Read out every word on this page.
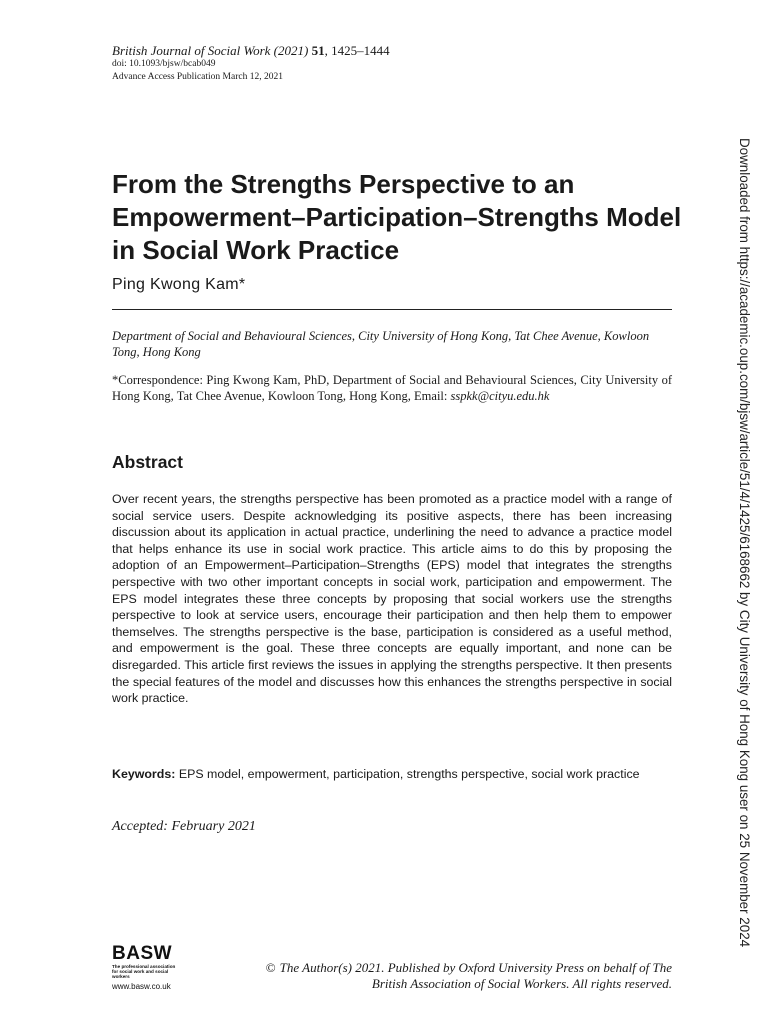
British Journal of Social Work (2021) 51, 1425–1444
doi: 10.1093/bjsw/bcab049
Advance Access Publication March 12, 2021
Downloaded from https://academic.oup.com/bjsw/article/51/4/1425/6168662 by City University of Hong Kong user on 25 November 2024
From the Strengths Perspective to an Empowerment–Participation–Strengths Model in Social Work Practice
Ping Kwong Kam*

Department of Social and Behavioural Sciences, City University of Hong Kong, Tat Chee Avenue, Kowloon Tong, Hong Kong

*Correspondence: Ping Kwong Kam, PhD, Department of Social and Behavioural Sciences, City University of Hong Kong, Tat Chee Avenue, Kowloon Tong, Hong Kong, Email: sspkk@cityu.edu.hk

Abstract

Over recent years, the strengths perspective has been promoted as a practice model with a range of social service users. Despite acknowledging its positive aspects, there has been increasing discussion about its application in actual practice, underlining the need to advance a practice model that helps enhance its use in social work practice. This article aims to do this by proposing the adoption of an Empowerment–Participation–Strengths (EPS) model that integrates the strengths perspective with two other important concepts in social work, participation and empowerment. The EPS model integrates these three concepts by proposing that social workers use the strengths perspective to look at service users, encourage their participation and then help them to empower themselves. The strengths perspective is the base, participation is considered as a useful method, and empowerment is the goal. These three concepts are equally important, and none can be disregarded. This article first reviews the issues in applying the strengths perspective. It then presents the special features of the model and discusses how this enhances the strengths perspective in social work practice.

Keywords: EPS model, empowerment, participation, strengths perspective, social work practice

Accepted: February 2021
BASW
The professional association for social work and social workers
www.basw.co.uk
© The Author(s) 2021. Published by Oxford University Press on behalf of The British Association of Social Workers. All rights reserved.
